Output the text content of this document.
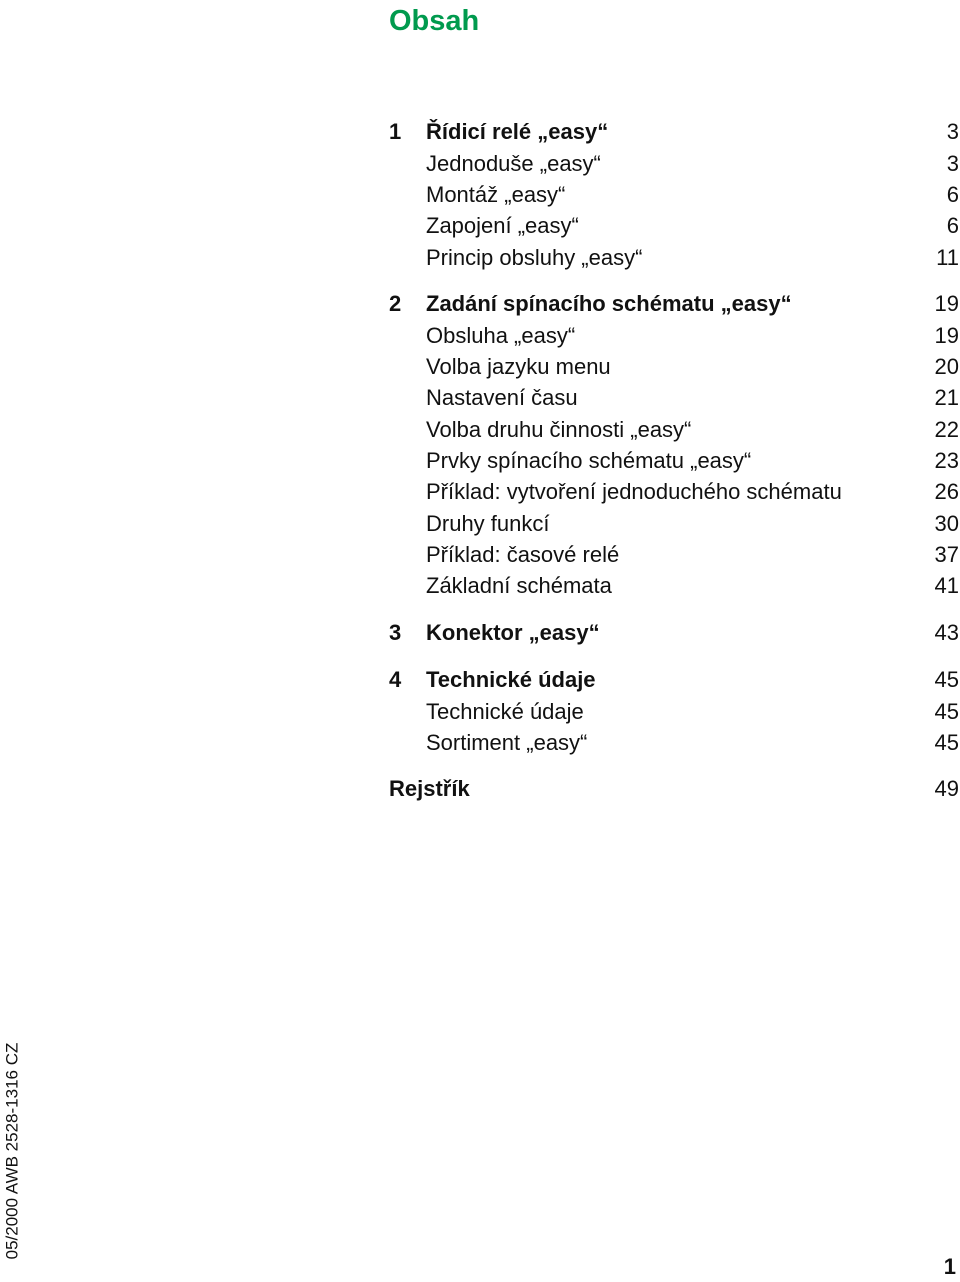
Obsah
1	Řídicí relé „easy“	3
Jednoduše „easy“	3
Montáž „easy“	6
Zapojení „easy“	6
Princip obsluhy „easy“	11
2	Zadání spínacího schématu „easy“	19
Obsluha „easy“	19
Volba jazyku menu	20
Nastavení času	21
Volba druhu činnosti „easy“	22
Prvky spínacího schématu „easy“	23
Příklad: vytvoření jednoduchého schématu	26
Druhy funkcí	30
Příklad: časové relé	37
Základní schémata	41
3	Konektor „easy“	43
4	Technické údaje	45
Technické údaje	45
Sortiment „easy“	45
Rejstřík	49
05/2000 AWB 2528-1316 CZ
1
